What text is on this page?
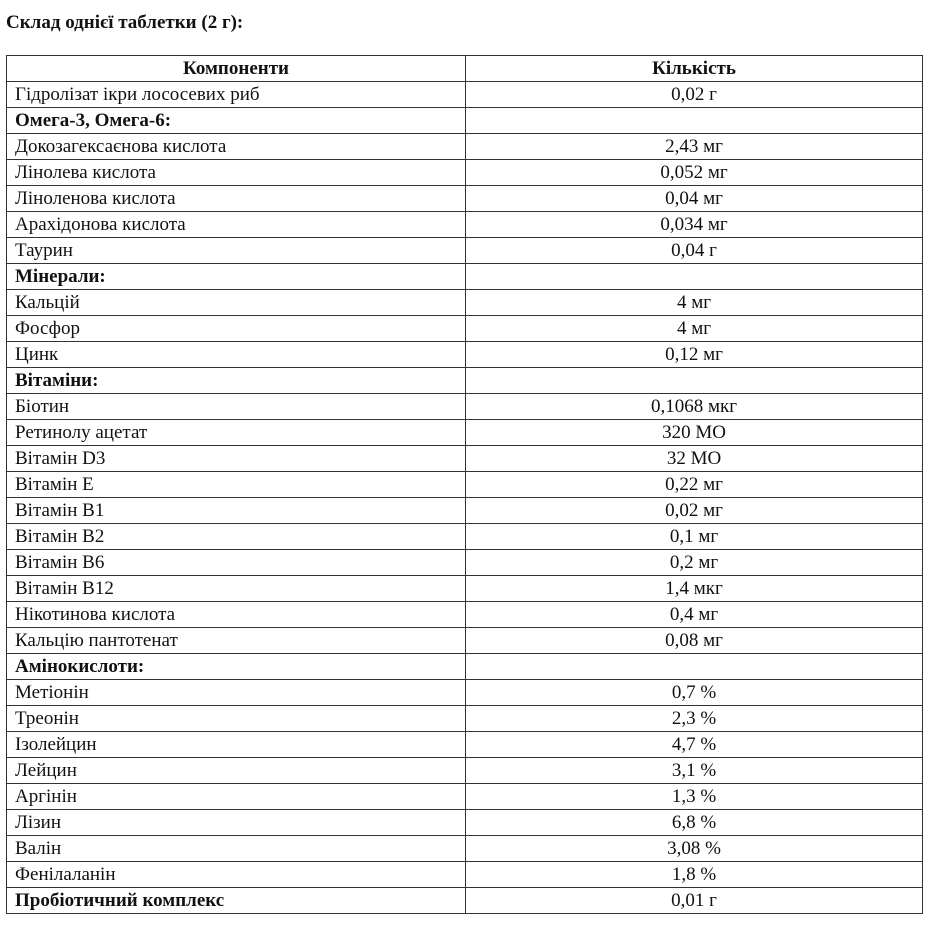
Склад однієї таблетки (2 г):
Компоненти	Кількість
Гідролізат ікри лососевих риб	0,02 г
Омега-3, Омега-6:	
Докозагексаєнова кислота	2,43 мг
Лінолева кислота	0,052 мг
Ліноленова кислота	0,04 мг
Арахідонова кислота	0,034 мг
Таурин	0,04 г
Мінерали:	
Кальцій	4 мг
Фосфор	4 мг
Цинк	0,12 мг
Вітаміни:	
Біотин	0,1068 мкг
Ретинолу ацетат	320 МО
Вітамін D3	32 МО
Вітамін Е	0,22 мг
Вітамін В1	0,02 мг
Вітамін В2	0,1 мг
Вітамін В6	0,2 мг
Вітамін В12	1,4 мкг
Нікотинова кислота	0,4 мг
Кальцію пантотенат	0,08 мг
Амінокислоти:	
Метіонін	0,7 %
Треонін	2,3 %
Ізолейцин	4,7 %
Лейцин	3,1 %
Аргінін	1,3 %
Лізин	6,8 %
Валін	3,08 %
Фенілаланін	1,8 %
Пробіотичний комплекс	0,01 г
